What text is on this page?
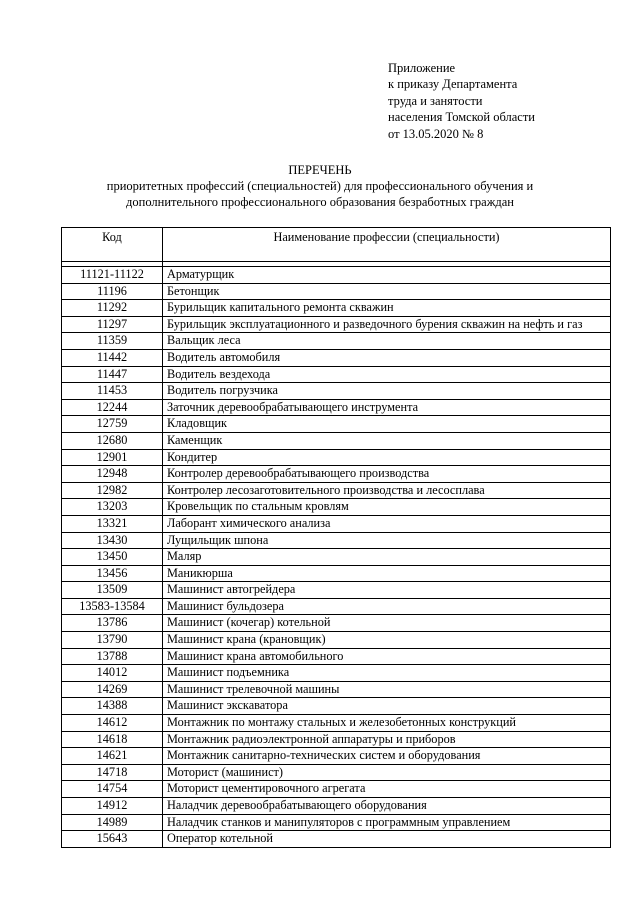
Приложение
к приказу Департамента
труда и занятости
населения Томской области
от 13.05.2020 № 8
ПЕРЕЧЕНЬ
приоритетных профессий (специальностей) для профессионального обучения и
дополнительного профессионального образования безработных граждан
Код	Наименование профессии (специальности)

11121-11122	Арматурщик
11196	Бетонщик
11292	Бурильщик капитального ремонта скважин
11297	Бурильщик эксплуатационного и разведочного бурения скважин на нефть и газ
11359	Вальщик леса
11442	Водитель автомобиля
11447	Водитель вездехода
11453	Водитель погрузчика
12244	Заточник деревообрабатывающего инструмента
12759	Кладовщик
12680	Каменщик
12901	Кондитер
12948	Контролер деревообрабатывающего производства
12982	Контролер лесозаготовительного производства и лесосплава
13203	Кровельщик по стальным кровлям
13321	Лаборант химического анализа
13430	Лущильщик шпона
13450	Маляр
13456	Маникюрша
13509	Машинист автогрейдера
13583-13584	Машинист бульдозера
13786	Машинист (кочегар) котельной
13790	Машинист крана (крановщик)
13788	Машинист крана автомобильного
14012	Машинист подъемника
14269	Машинист трелевочной машины
14388	Машинист экскаватора
14612	Монтажник по монтажу стальных и железобетонных конструкций
14618	Монтажник радиоэлектронной аппаратуры и приборов
14621	Монтажник санитарно-технических систем и оборудования
14718	Моторист (машинист)
14754	Моторист цементировочного агрегата
14912	Наладчик деревообрабатывающего оборудования
14989	Наладчик станков и манипуляторов с программным управлением
15643	Оператор котельной
